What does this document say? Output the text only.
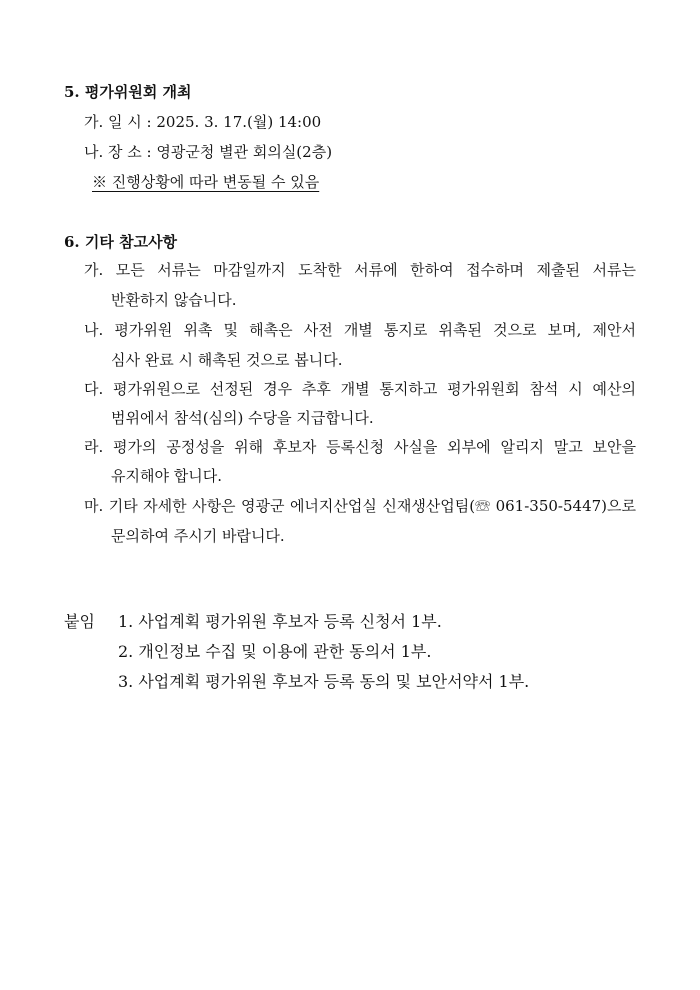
5. 평가위원회 개최
가. 일 시 : 2025. 3. 17.(월) 14:00
나. 장 소 : 영광군청 별관 회의실(2층)
※ 진행상황에 따라 변동될 수 있음
6. 기타 참고사항
가. 모든 서류는 마감일까지 도착한 서류에 한하여 접수하며 제출된 서류는
반환하지 않습니다.
나. 평가위원 위촉 및 해촉은 사전 개별 통지로 위촉된 것으로 보며, 제안서
심사 완료 시 해촉된 것으로 봅니다.
다. 평가위원으로 선정된 경우 추후 개별 통지하고 평가위원회 참석 시 예산의
범위에서 참석(심의) 수당을 지급합니다.
라. 평가의 공정성을 위해 후보자 등록신청 사실을 외부에 알리지 말고 보안을
유지해야 합니다.
마. 기타 자세한 사항은 영광군 에너지산업실 신재생산업팀(☏ 061-350-5447)으로
문의하여 주시기 바랍니다.
붙임 1. 사업계획 평가위원 후보자 등록 신청서 1부.
2. 개인정보 수집 및 이용에 관한 동의서 1부.
3. 사업계획 평가위원 후보자 등록 동의 및 보안서약서 1부.
